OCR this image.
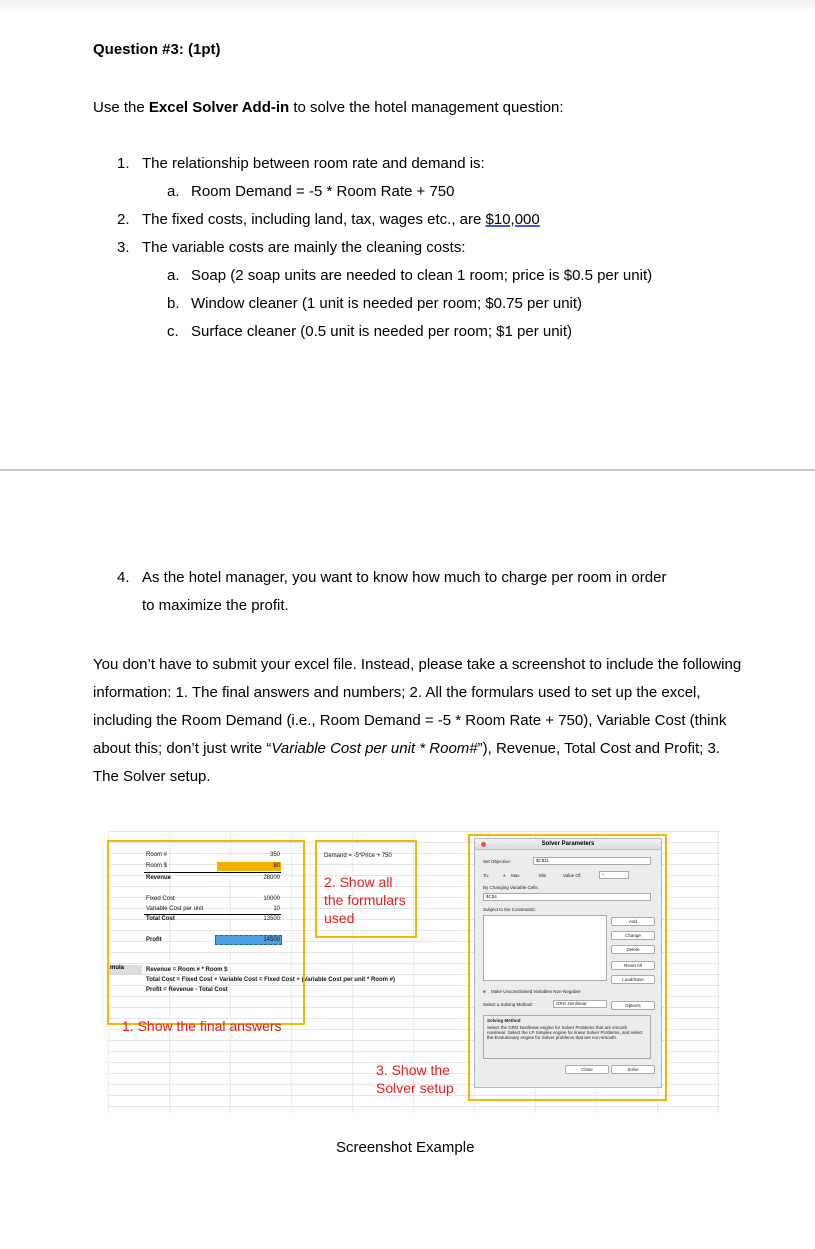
Question #3: (1pt)
Use the Excel Solver Add-in to solve the hotel management question:
1. The relationship between room rate and demand is:
a. Room Demand = -5 * Room Rate + 750
2. The fixed costs, including land, tax, wages etc., are $10,000
3. The variable costs are mainly the cleaning costs:
a. Soap (2 soap units are needed to clean 1 room; price is $0.5 per unit)
b. Window cleaner (1 unit is needed per room; $0.75 per unit)
c. Surface cleaner (0.5 unit is needed per room; $1 per unit)
4. As the hotel manager, you want to know how much to charge per room in order
to maximize the profit.
You don’t have to submit your excel file. Instead, please take a screenshot to include the following information: 1. The final answers and numbers; 2. All the formulars used to set up the excel, including the Room Demand (i.e., Room Demand = -5 * Room Rate + 750), Variable Cost (think about this; don’t just write “Variable Cost per unit * Room#”), Revenue, Total Cost and Profit; 3. The Solver setup.
Room #	350
Room $	80
Revenue	28000
Fixed Cost	10000
Variable Cost per unit	10
Total Cost	13500
Profit	14500
Demand = -5*Price + 750
mula	Revenue = Room # * Room $
Total Cost = Fixed Cost + Variable Cost = Fixed Cost + (Variable Cost per unit * Room #)
Profit = Revenue - Total Cost
2. Show all
the formulars
used
1. Show the final answers
3. Show the
Solver setup
Solver Parameters
Set Objective:	$C$11
To:	● Max	Min	Value Of:	0
By Changing Variable Cells:
$C$4
Subject to the Constraints:
Add
Change
Delete
Reset All
Load/Save
■ Make Unconstrained Variables Non-Negative
Select a Solving Method:	GRG Nonlinear	Options
Solving Method
Select the GRG Nonlinear engine for Solver Problems that are smooth nonlinear. Select the LP Simplex engine for linear Solver Problems, and select the Evolutionary engine for Solver problems that are non-smooth.
Close	Solve
Screenshot Example
